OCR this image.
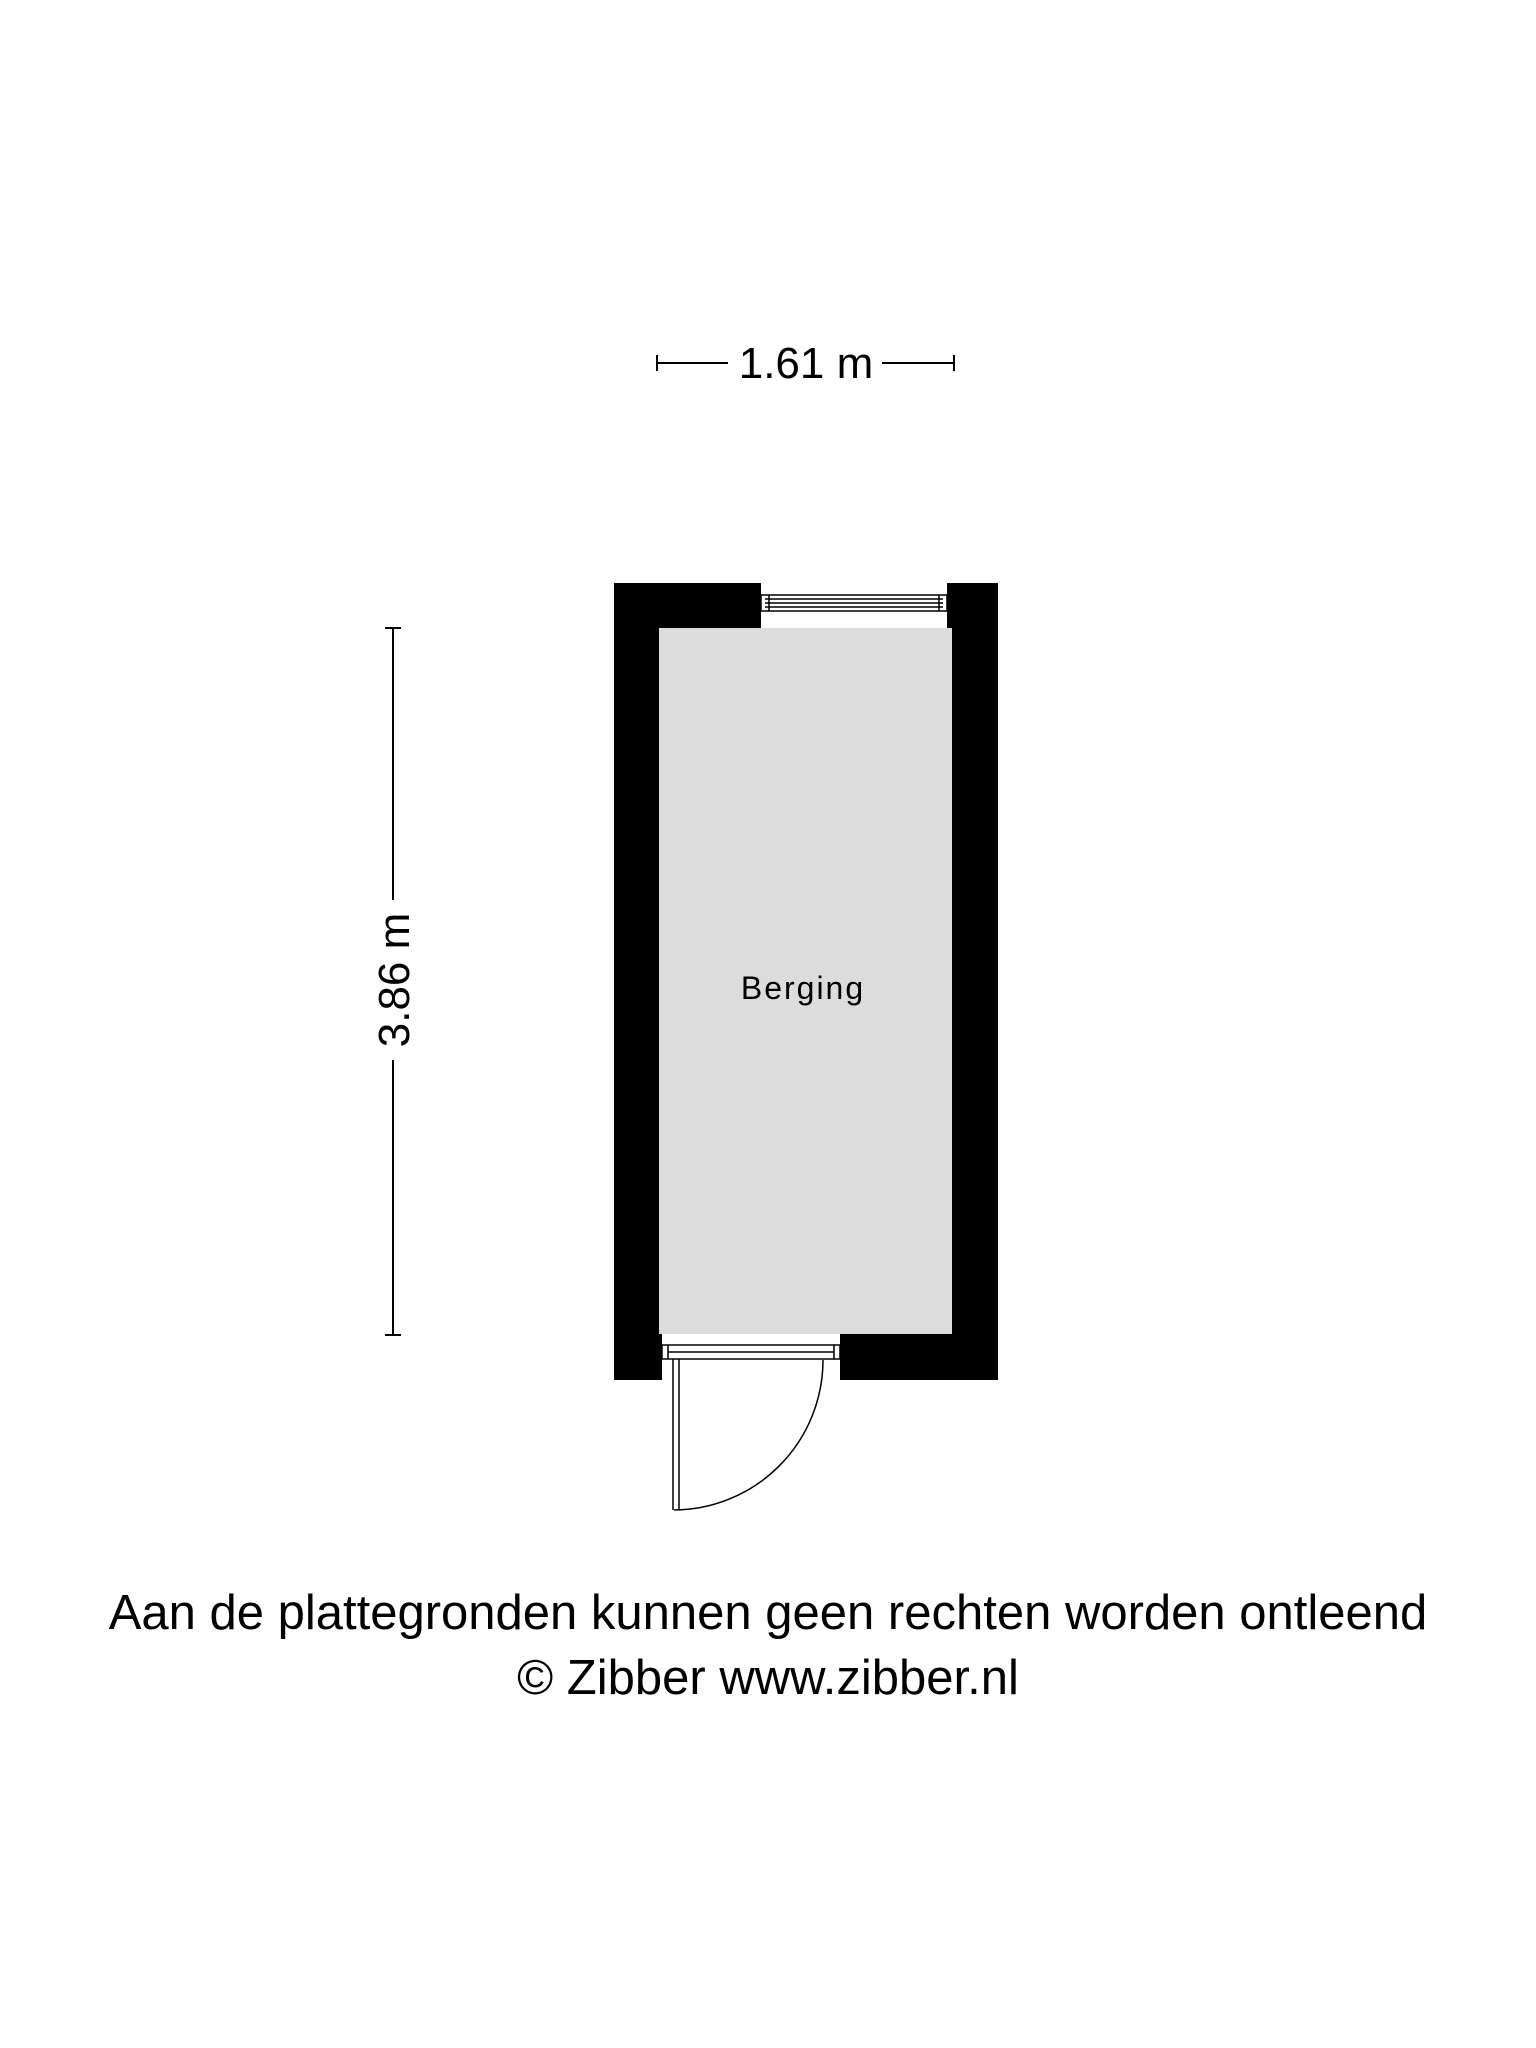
1.61 m
3.86 m	Berging
Aan de plattegronden kunnen geen rechten worden ontleend
© Zibber www.zibber.nl
